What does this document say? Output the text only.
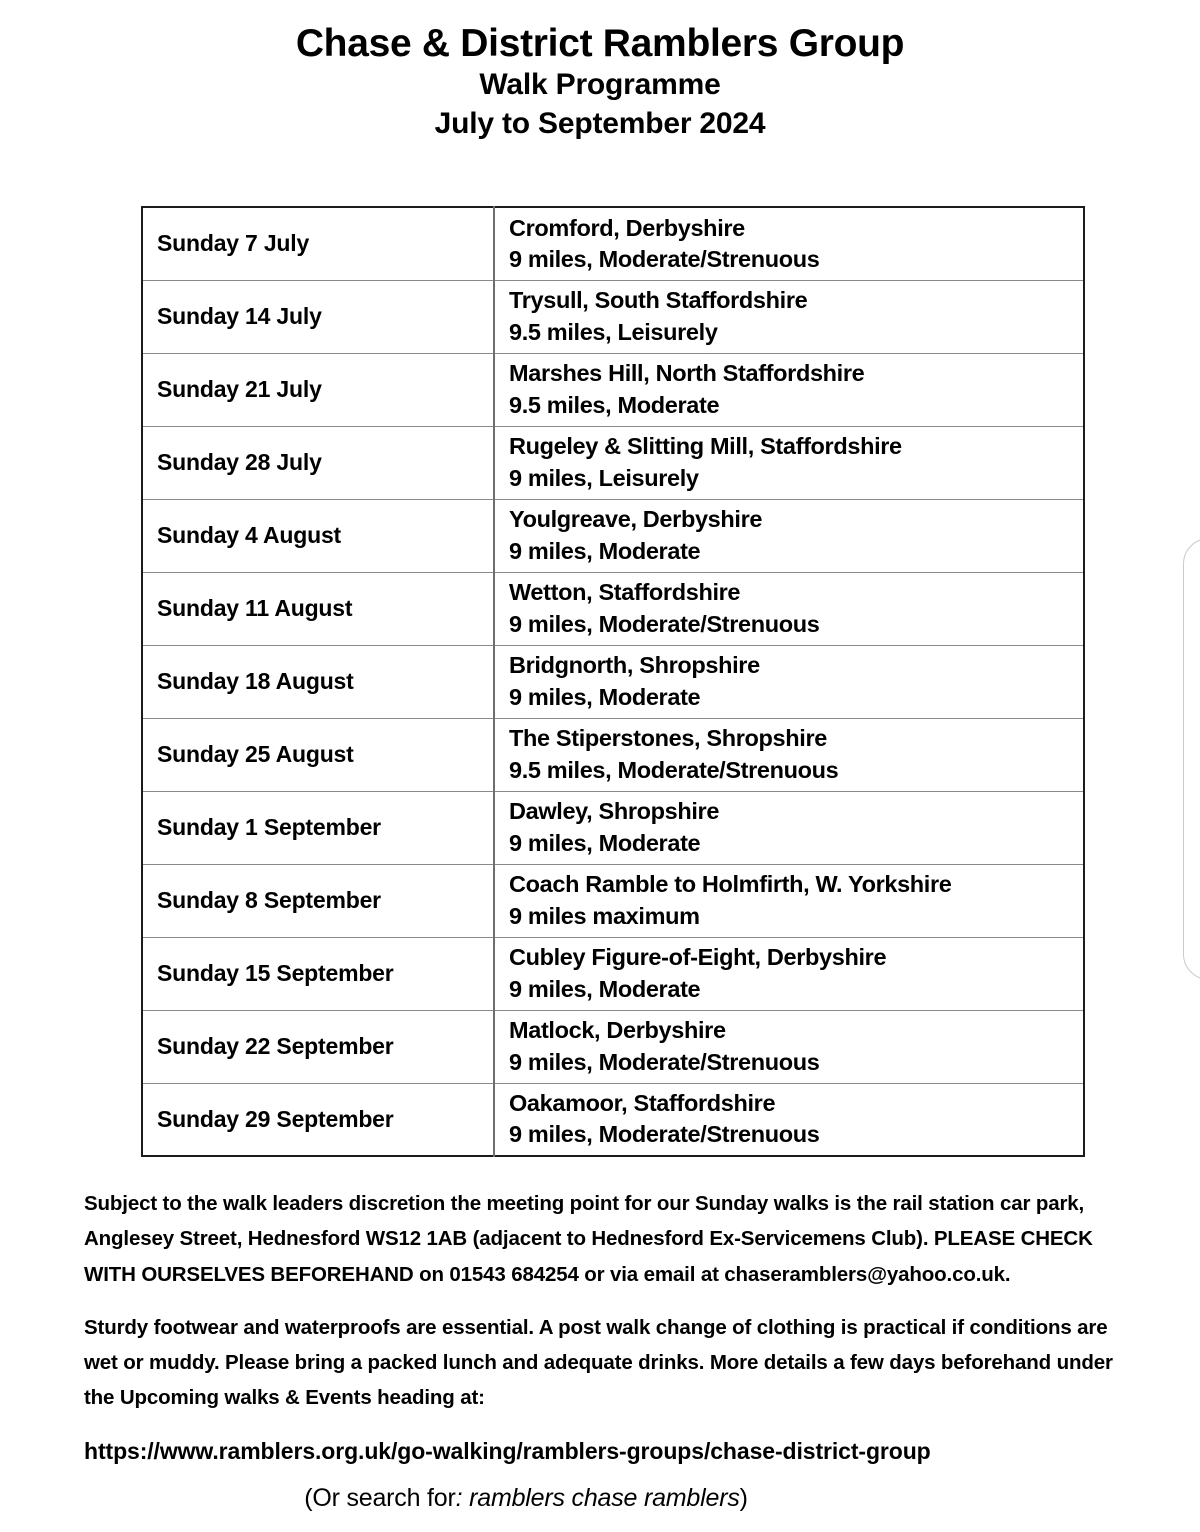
Chase & District Ramblers Group
Walk Programme
July to September 2024
Sunday 7 July	Cromford, Derbyshire
9 miles, Moderate/Strenuous

Sunday 14 July	Trysull, South Staffordshire
9.5 miles, Leisurely

Sunday 21 July	Marshes Hill, North Staffordshire
9.5 miles, Moderate

Sunday 28 July	Rugeley & Slitting Mill, Staffordshire
9 miles, Leisurely

Sunday 4 August	Youlgreave, Derbyshire
9 miles, Moderate

Sunday 11 August	Wetton, Staffordshire
9 miles, Moderate/Strenuous

Sunday 18 August	Bridgnorth, Shropshire
9 miles, Moderate

Sunday 25 August	The Stiperstones, Shropshire
9.5 miles, Moderate/Strenuous

Sunday 1 September	Dawley, Shropshire
9 miles, Moderate

Sunday 8 September	Coach Ramble to Holmfirth, W. Yorkshire
9 miles maximum

Sunday 15 September	Cubley Figure-of-Eight, Derbyshire
9 miles, Moderate

Sunday 22 September	Matlock, Derbyshire
9 miles, Moderate/Strenuous

Sunday 29 September	Oakamoor, Staffordshire
9 miles, Moderate/Strenuous

Subject to the walk leaders discretion the meeting point for our Sunday walks is the rail station car park, Anglesey Street, Hednesford WS12 1AB (adjacent to Hednesford Ex-Servicemens Club). PLEASE CHECK WITH OURSELVES BEFOREHAND on 01543 684254 or via email at chaseramblers@yahoo.co.uk.

Sturdy footwear and waterproofs are essential. A post walk change of clothing is practical if conditions are wet or muddy. Please bring a packed lunch and adequate drinks. More details a few days beforehand under the Upcoming walks & Events heading at:

https://www.ramblers.org.uk/go-walking/ramblers-groups/chase-district-group

(Or search for: ramblers chase ramblers)
